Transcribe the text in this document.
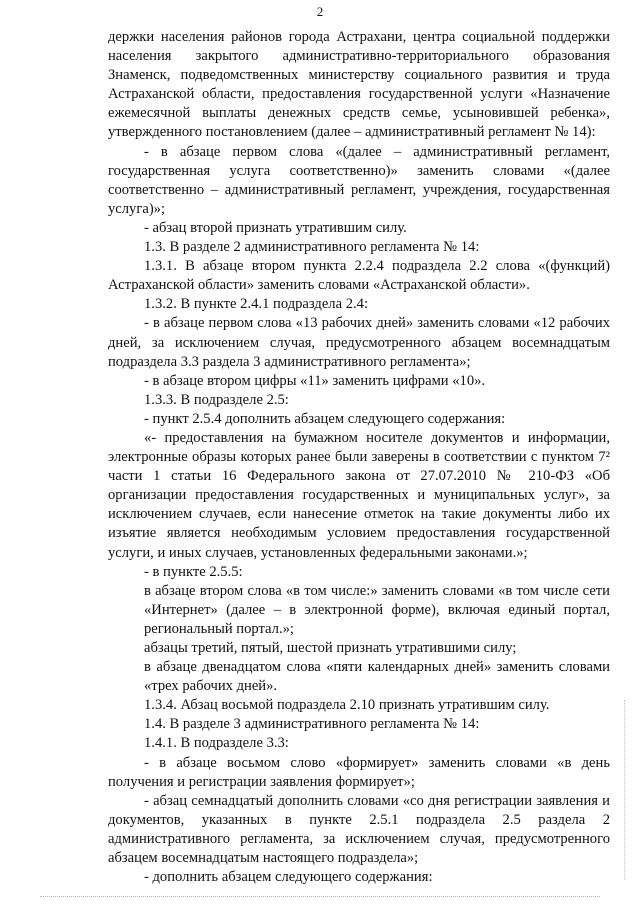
2

держки населения районов города Астрахани, центра социальной поддержки населения закрытого административно-территориального образования Знаменск, подведомственных министерству социального развития и труда Астраханской области, предоставления государственной услуги «Назначение ежемесячной выплаты денежных средств семье, усыновившей ребенка», утвержденного постановлением (далее – административный регламент № 14):

- в абзаце первом слова «(далее – административный регламент, государственная услуга соответственно)» заменить словами «(далее соответственно – административный регламент, учреждения, государственная услуга)»;

- абзац второй признать утратившим силу.

1.3. В разделе 2 административного регламента № 14:

1.3.1. В абзаце втором пункта 2.2.4 подраздела 2.2 слова «(функций) Астраханской области» заменить словами «Астраханской области».

1.3.2. В пункте 2.4.1 подраздела 2.4:

- в абзаце первом слова «13 рабочих дней» заменить словами «12 рабочих дней, за исключением случая, предусмотренного абзацем восемнадцатым подраздела 3.3 раздела 3 административного регламента»;

- в абзаце втором цифры «11» заменить цифрами «10».

1.3.3. В подразделе 2.5:

- пункт 2.5.4 дополнить абзацем следующего содержания:

«- предоставления на бумажном носителе документов и информации, электронные образы которых ранее были заверены в соответствии с пунктом 7² части 1 статьи 16 Федерального закона от 27.07.2010 № 210-ФЗ «Об организации предоставления государственных и муниципальных услуг», за исключением случаев, если нанесение отметок на такие документы либо их изъятие является необходимым условием предоставления государственной услуги, и иных случаев, установленных федеральными законами.»;

- в пункте 2.5.5:

в абзаце втором слова «в том числе:» заменить словами «в том числе сети «Интернет» (далее – в электронной форме), включая единый портал, региональный портал.»;

абзацы третий, пятый, шестой признать утратившими силу;

в абзаце двенадцатом слова «пяти календарных дней» заменить словами «трех рабочих дней».

1.3.4. Абзац восьмой подраздела 2.10 признать утратившим силу.

1.4. В разделе 3 административного регламента № 14:

1.4.1. В подразделе 3.3:

- в абзаце восьмом слово «формирует» заменить словами «в день получения и регистрации заявления формирует»;

- абзац семнадцатый дополнить словами «со дня регистрации заявления и документов, указанных в пункте 2.5.1 подраздела 2.5 раздела 2 административного регламента, за исключением случая, предусмотренного абзацем восемнадцатым настоящего подраздела»;

- дополнить абзацем следующего содержания:
